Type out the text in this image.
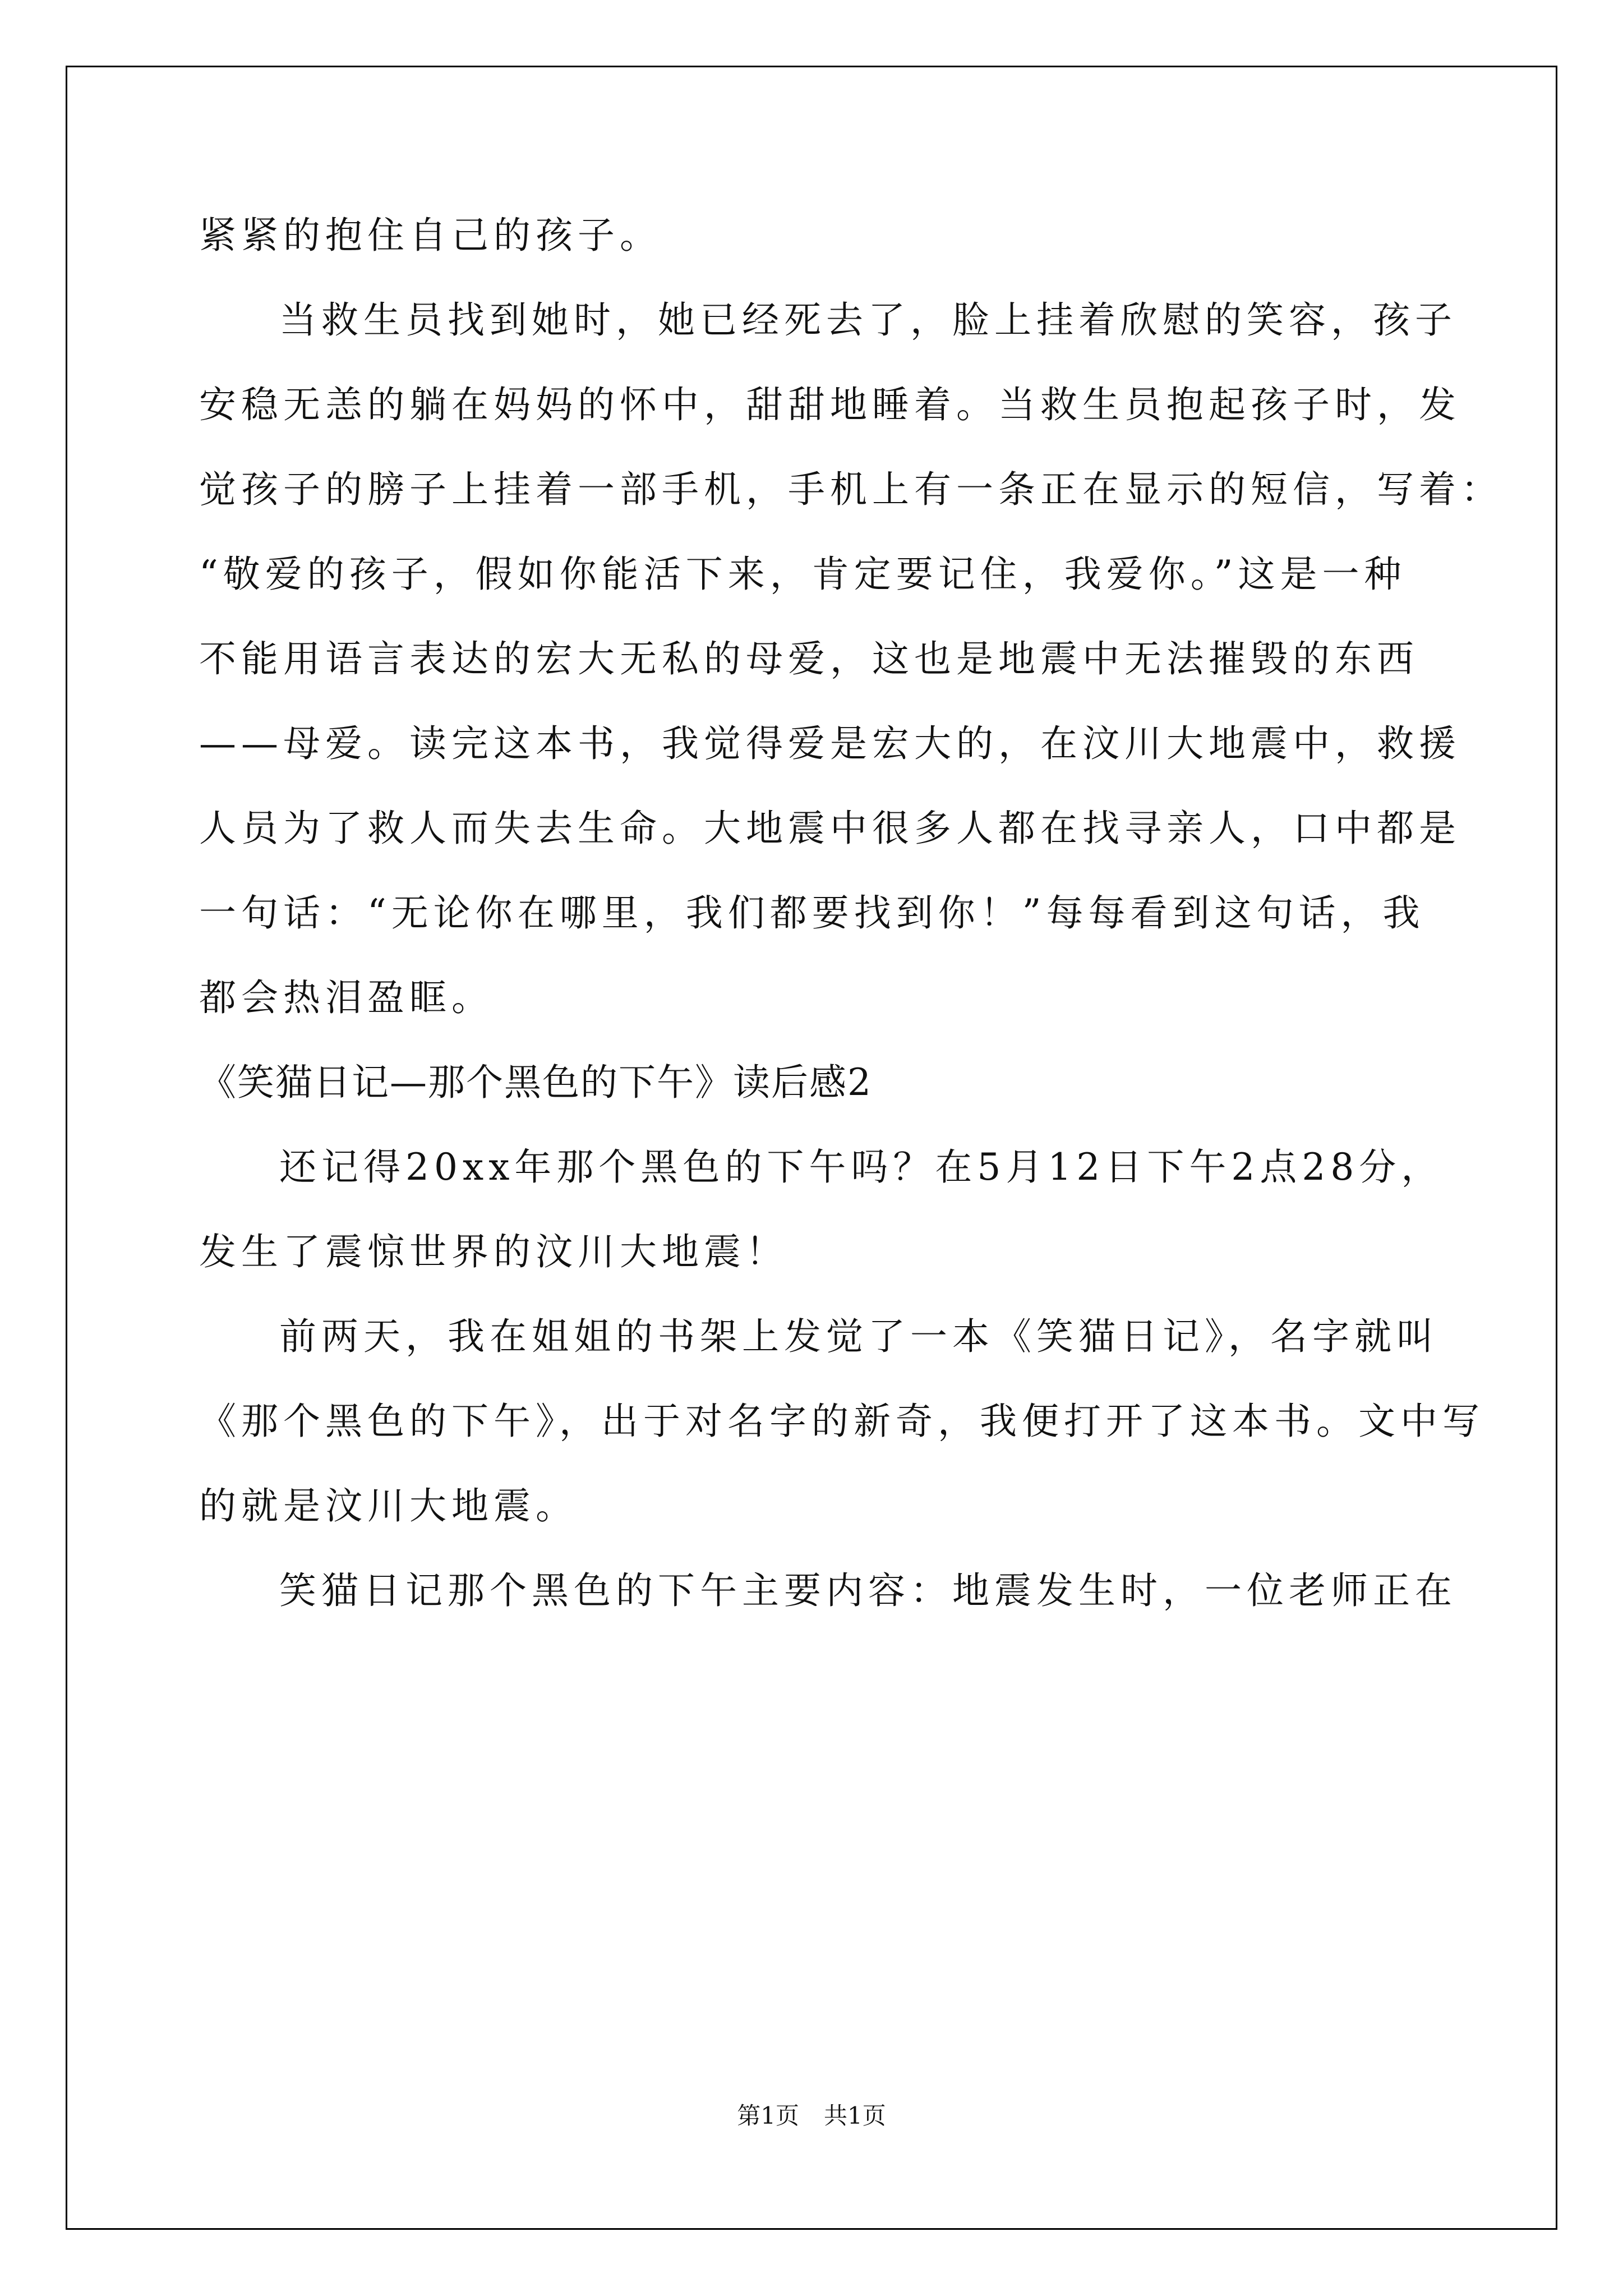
紧紧的抱住自己的孩子。
当救生员找到她时，她已经死去了，脸上挂着欣慰的笑容，孩子
安稳无恙的躺在妈妈的怀中，甜甜地睡着。当救生员抱起孩子时，发
觉孩子的膀子上挂着一部手机，手机上有一条正在显示的短信，写着：
“敬爱的孩子，假如你能活下来，肯定要记住，我爱你。”这是一种
不能用语言表达的宏大无私的母爱，这也是地震中无法摧毁的东西
——母爱。读完这本书，我觉得爱是宏大的，在汶川大地震中，救援
人员为了救人而失去生命。大地震中很多人都在找寻亲人，口中都是
一句话：“无论你在哪里，我们都要找到你！”每每看到这句话，我
都会热泪盈眶。
《笑猫日记—那个黑色的下午》读后感2
还记得20xx年那个黑色的下午吗？在5月12日下午2点28分，
发生了震惊世界的汶川大地震！
前两天，我在姐姐的书架上发觉了一本《笑猫日记》，名字就叫
《那个黑色的下午》，出于对名字的新奇，我便打开了这本书。文中写
的就是汶川大地震。
笑猫日记那个黑色的下午主要内容：地震发生时，一位老师正在
第1页 共1页
